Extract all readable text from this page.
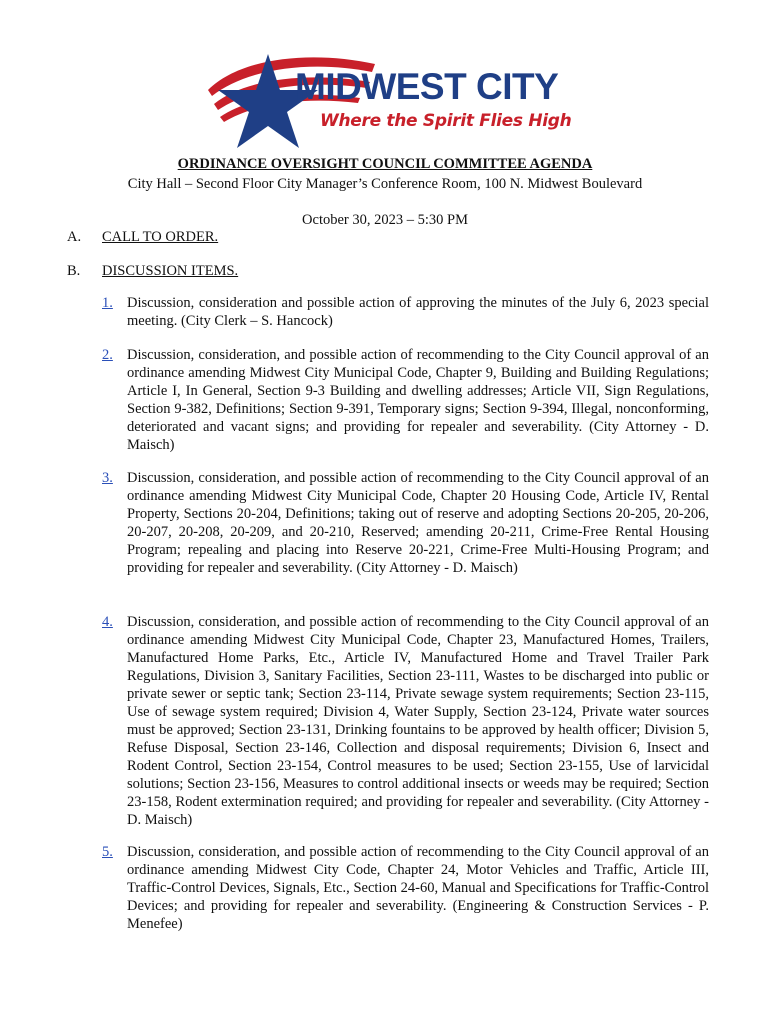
MIDWEST CITY
Where the Spirit Flies High
ORDINANCE OVERSIGHT COUNCIL COMMITTEE AGENDA
City Hall – Second Floor City Manager’s Conference Room, 100 N. Midwest Boulevard
October 30, 2023 – 5:30 PM
A. CALL TO ORDER.
B. DISCUSSION ITEMS.
1. Discussion, consideration and possible action of approving the minutes of the July 6, 2023 special meeting. (City Clerk – S. Hancock)
2. Discussion, consideration, and possible action of recommending to the City Council approval of an ordinance amending Midwest City Municipal Code, Chapter 9, Building and Building Regulations; Article I, In General, Section 9-3 Building and dwelling addresses; Article VII, Sign Regulations, Section 9-382, Definitions; Section 9-391, Temporary signs; Section 9-394, Illegal, nonconforming, deteriorated and vacant signs; and providing for repealer and severability. (City Attorney - D. Maisch)
3. Discussion, consideration, and possible action of recommending to the City Council approval of an ordinance amending Midwest City Municipal Code, Chapter 20 Housing Code, Article IV, Rental Property, Sections 20-204, Definitions; taking out of reserve and adopting Sections 20-205, 20-206, 20-207, 20-208, 20-209, and 20-210, Reserved; amending 20-211, Crime-Free Rental Housing Program; repealing and placing into Reserve 20-221, Crime-Free Multi-Housing Program; and providing for repealer and severability. (City Attorney - D. Maisch)
4. Discussion, consideration, and possible action of recommending to the City Council approval of an ordinance amending Midwest City Municipal Code, Chapter 23, Manufactured Homes, Trailers, Manufactured Home Parks, Etc., Article IV, Manufactured Home and Travel Trailer Park Regulations, Division 3, Sanitary Facilities, Section 23-111, Wastes to be discharged into public or private sewer or septic tank; Section 23-114, Private sewage system requirements; Section 23-115, Use of sewage system required; Division 4, Water Supply, Section 23-124, Private water sources must be approved; Section 23-131, Drinking fountains to be approved by health officer; Division 5, Refuse Disposal, Section 23-146, Collection and disposal requirements; Division 6, Insect and Rodent Control, Section 23-154, Control measures to be used; Section 23-155, Use of larvicidal solutions; Section 23-156, Measures to control additional insects or weeds may be required; Section 23-158, Rodent extermination required; and providing for repealer and severability. (City Attorney - D. Maisch)
5. Discussion, consideration, and possible action of recommending to the City Council approval of an ordinance amending Midwest City Code, Chapter 24, Motor Vehicles and Traffic, Article III, Traffic-Control Devices, Signals, Etc., Section 24-60, Manual and Specifications for Traffic-Control Devices; and providing for repealer and severability. (Engineering & Construction Services - P. Menefee)
